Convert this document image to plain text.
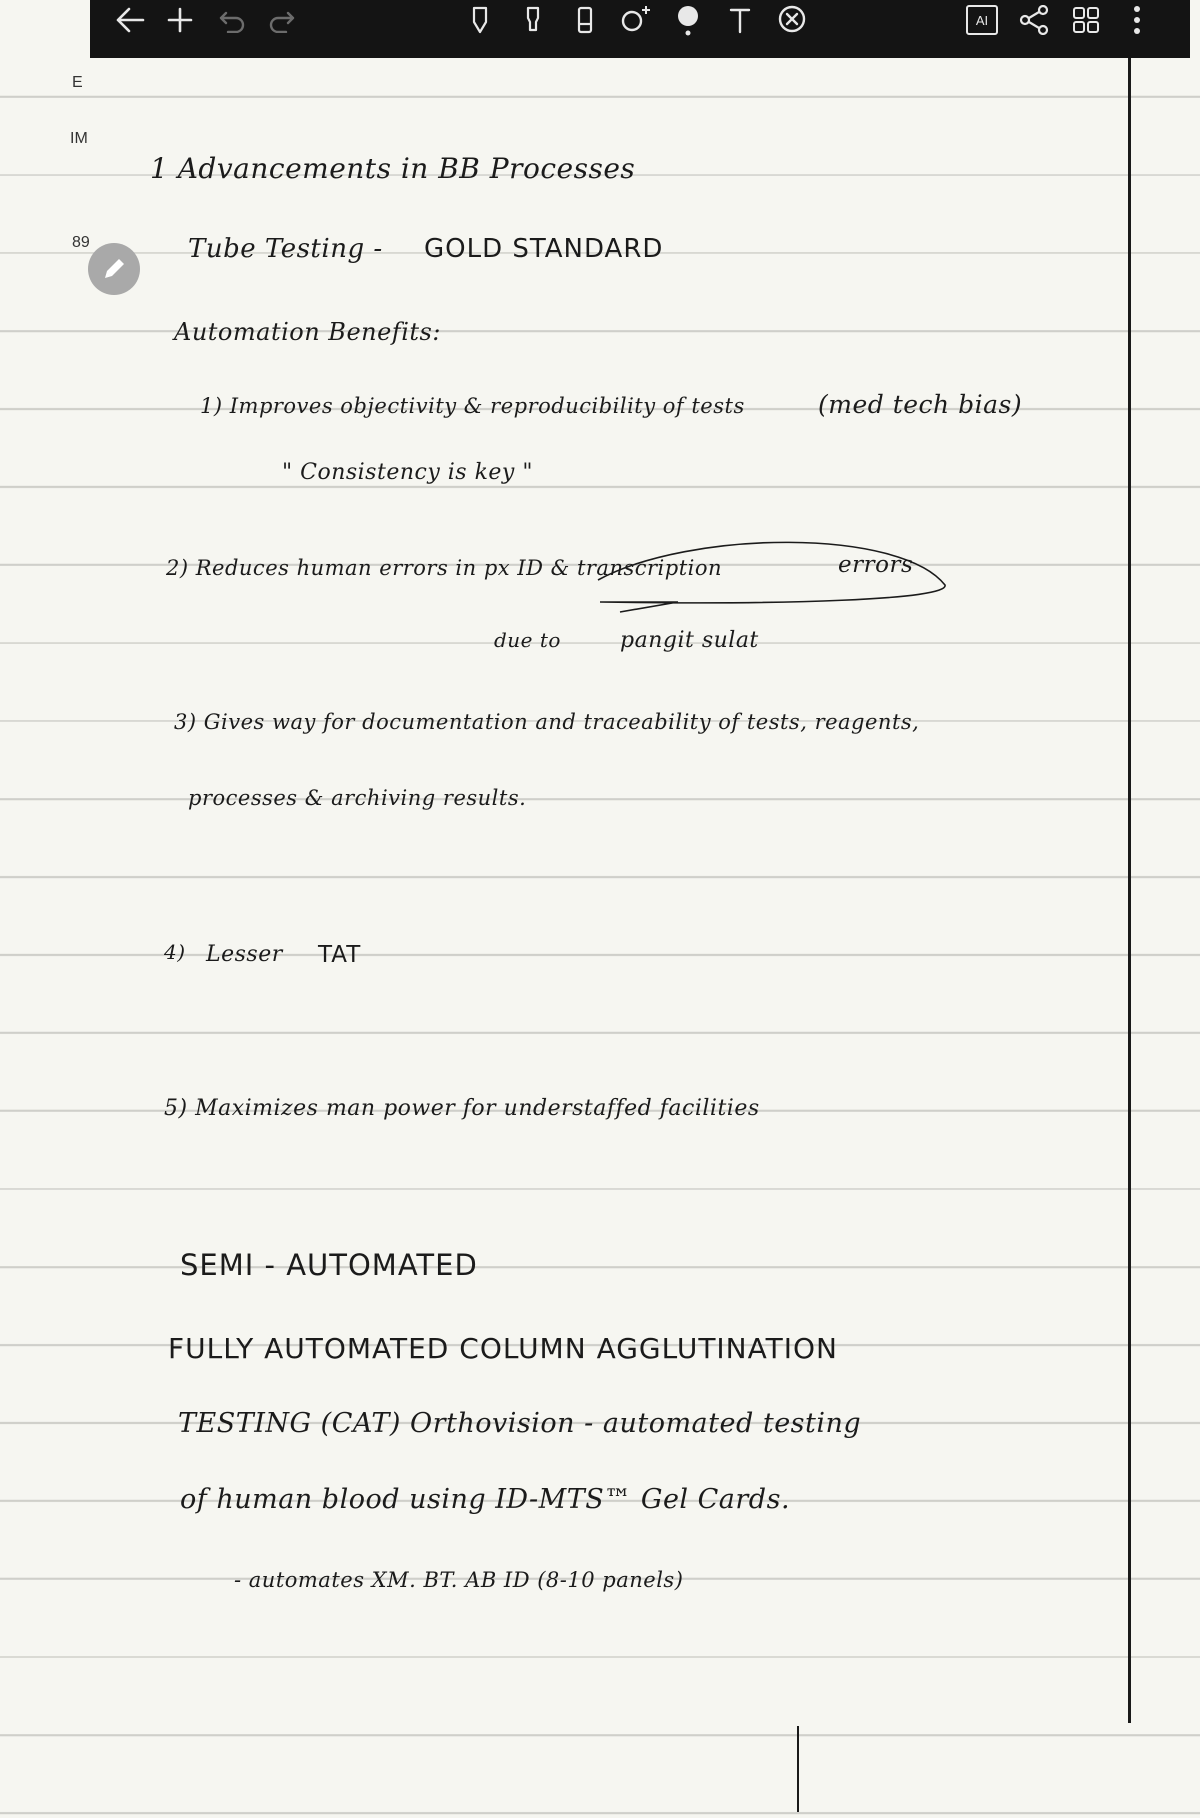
E
IM
89
AI
1 Advancements in BB Processes
Tube Testing - GOLD STANDARD
Automation Benefits:
1) Improves objectivity & reproducibility of tests	(med tech bias)
" Consistency is key "
2) Reduces human errors in px ID & transcription	errors
due to	pangit sulat
3) Gives way for documentation and traceability of tests, reagents,
processes & archiving results.
4) Lesser TAT
5) Maximizes man power for understaffed facilities
SEMI - AUTOMATED
FULLY AUTOMATED COLUMN AGGLUTINATION
TESTING (CAT) Orthovision - automated testing
of human blood using ID-MTS™ Gel Cards.
- automates XM. BT. AB ID (8-10 panels)
